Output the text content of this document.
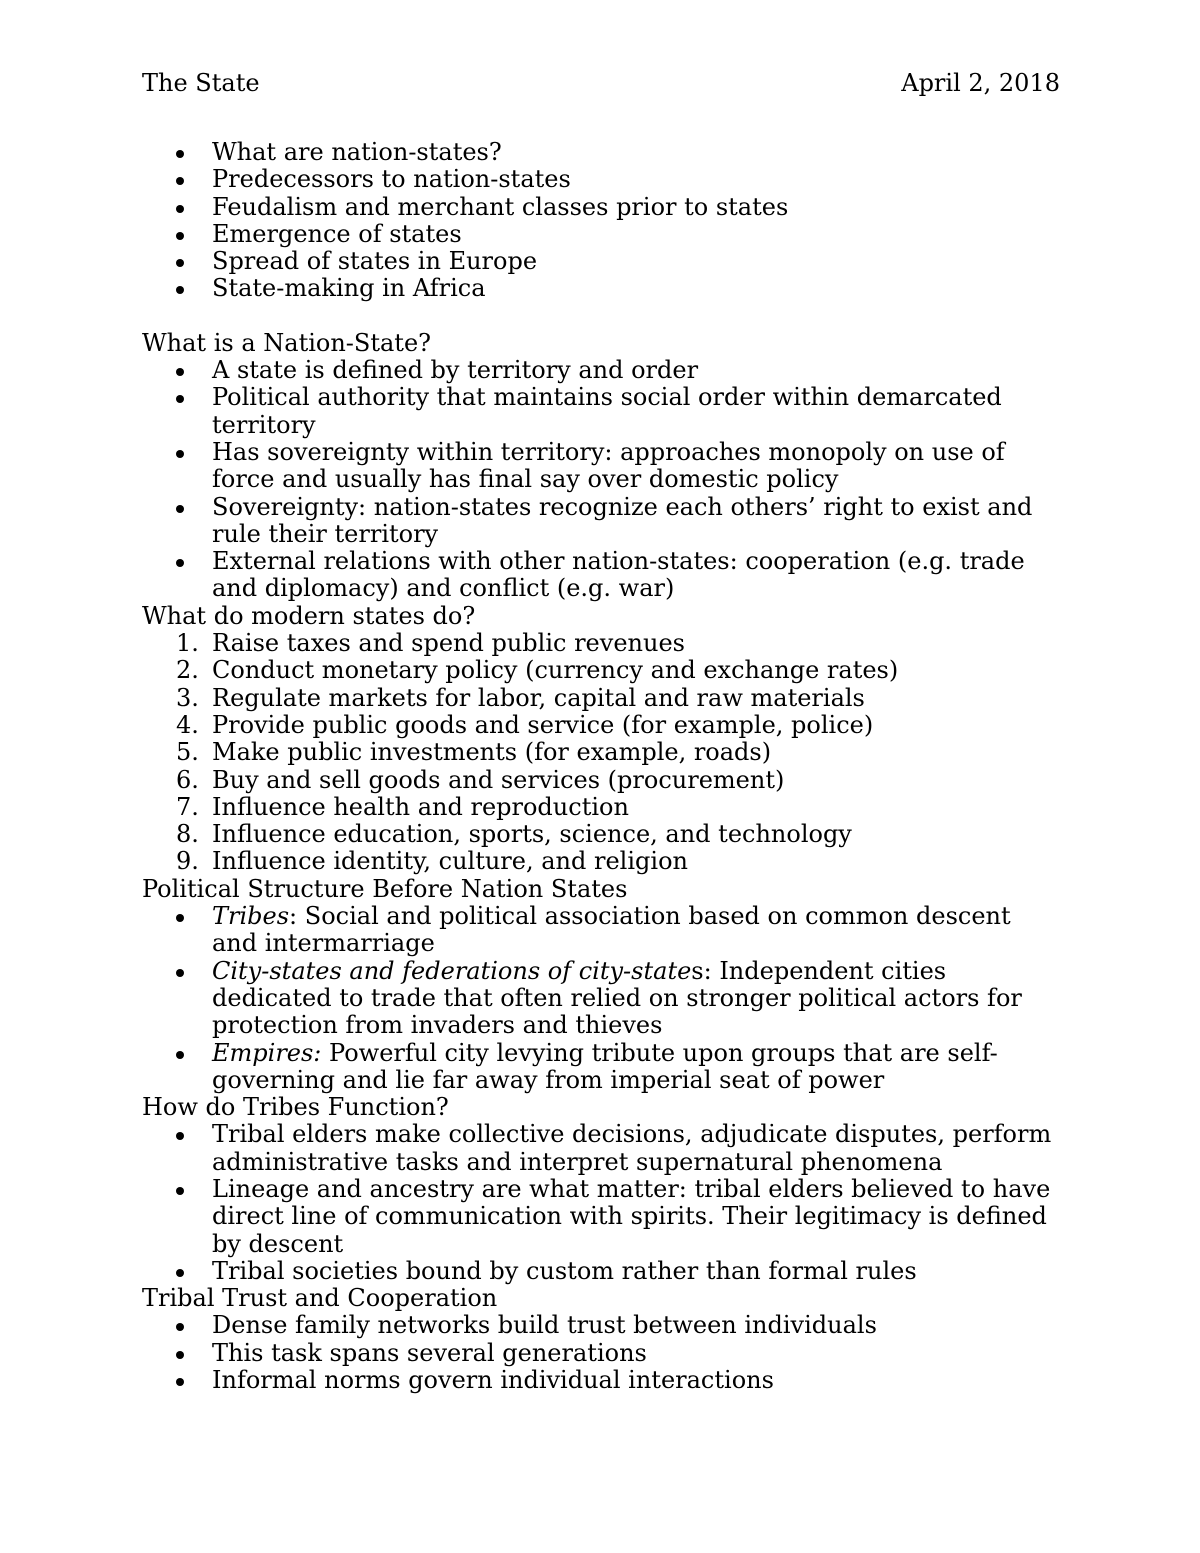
The State	April 2, 2018
What are nation-states?
Predecessors to nation-states
Feudalism and merchant classes prior to states
Emergence of states
Spread of states in Europe
State-making in Africa
What is a Nation-State?
A state is defined by territory and order
Political authority that maintains social order within demarcated territory
Has sovereignty within territory: approaches monopoly on use of force and usually has final say over domestic policy
Sovereignty: nation-states recognize each others’ right to exist and rule their territory
External relations with other nation-states: cooperation (e.g. trade and diplomacy) and conflict (e.g. war)
What do modern states do?
1. Raise taxes and spend public revenues
2. Conduct monetary policy (currency and exchange rates)
3. Regulate markets for labor, capital and raw materials
4. Provide public goods and service (for example, police)
5. Make public investments (for example, roads)
6. Buy and sell goods and services (procurement)
7. Influence health and reproduction
8. Influence education, sports, science, and technology
9. Influence identity, culture, and religion
Political Structure Before Nation States
Tribes: Social and political association based on common descent and intermarriage
City-states and federations of city-states: Independent cities dedicated to trade that often relied on stronger political actors for protection from invaders and thieves
Empires: Powerful city levying tribute upon groups that are self-governing and lie far away from imperial seat of power
How do Tribes Function?
Tribal elders make collective decisions, adjudicate disputes, perform administrative tasks and interpret supernatural phenomena
Lineage and ancestry are what matter: tribal elders believed to have direct line of communication with spirits. Their legitimacy is defined by descent
Tribal societies bound by custom rather than formal rules
Tribal Trust and Cooperation
Dense family networks build trust between individuals
This task spans several generations
Informal norms govern individual interactions
